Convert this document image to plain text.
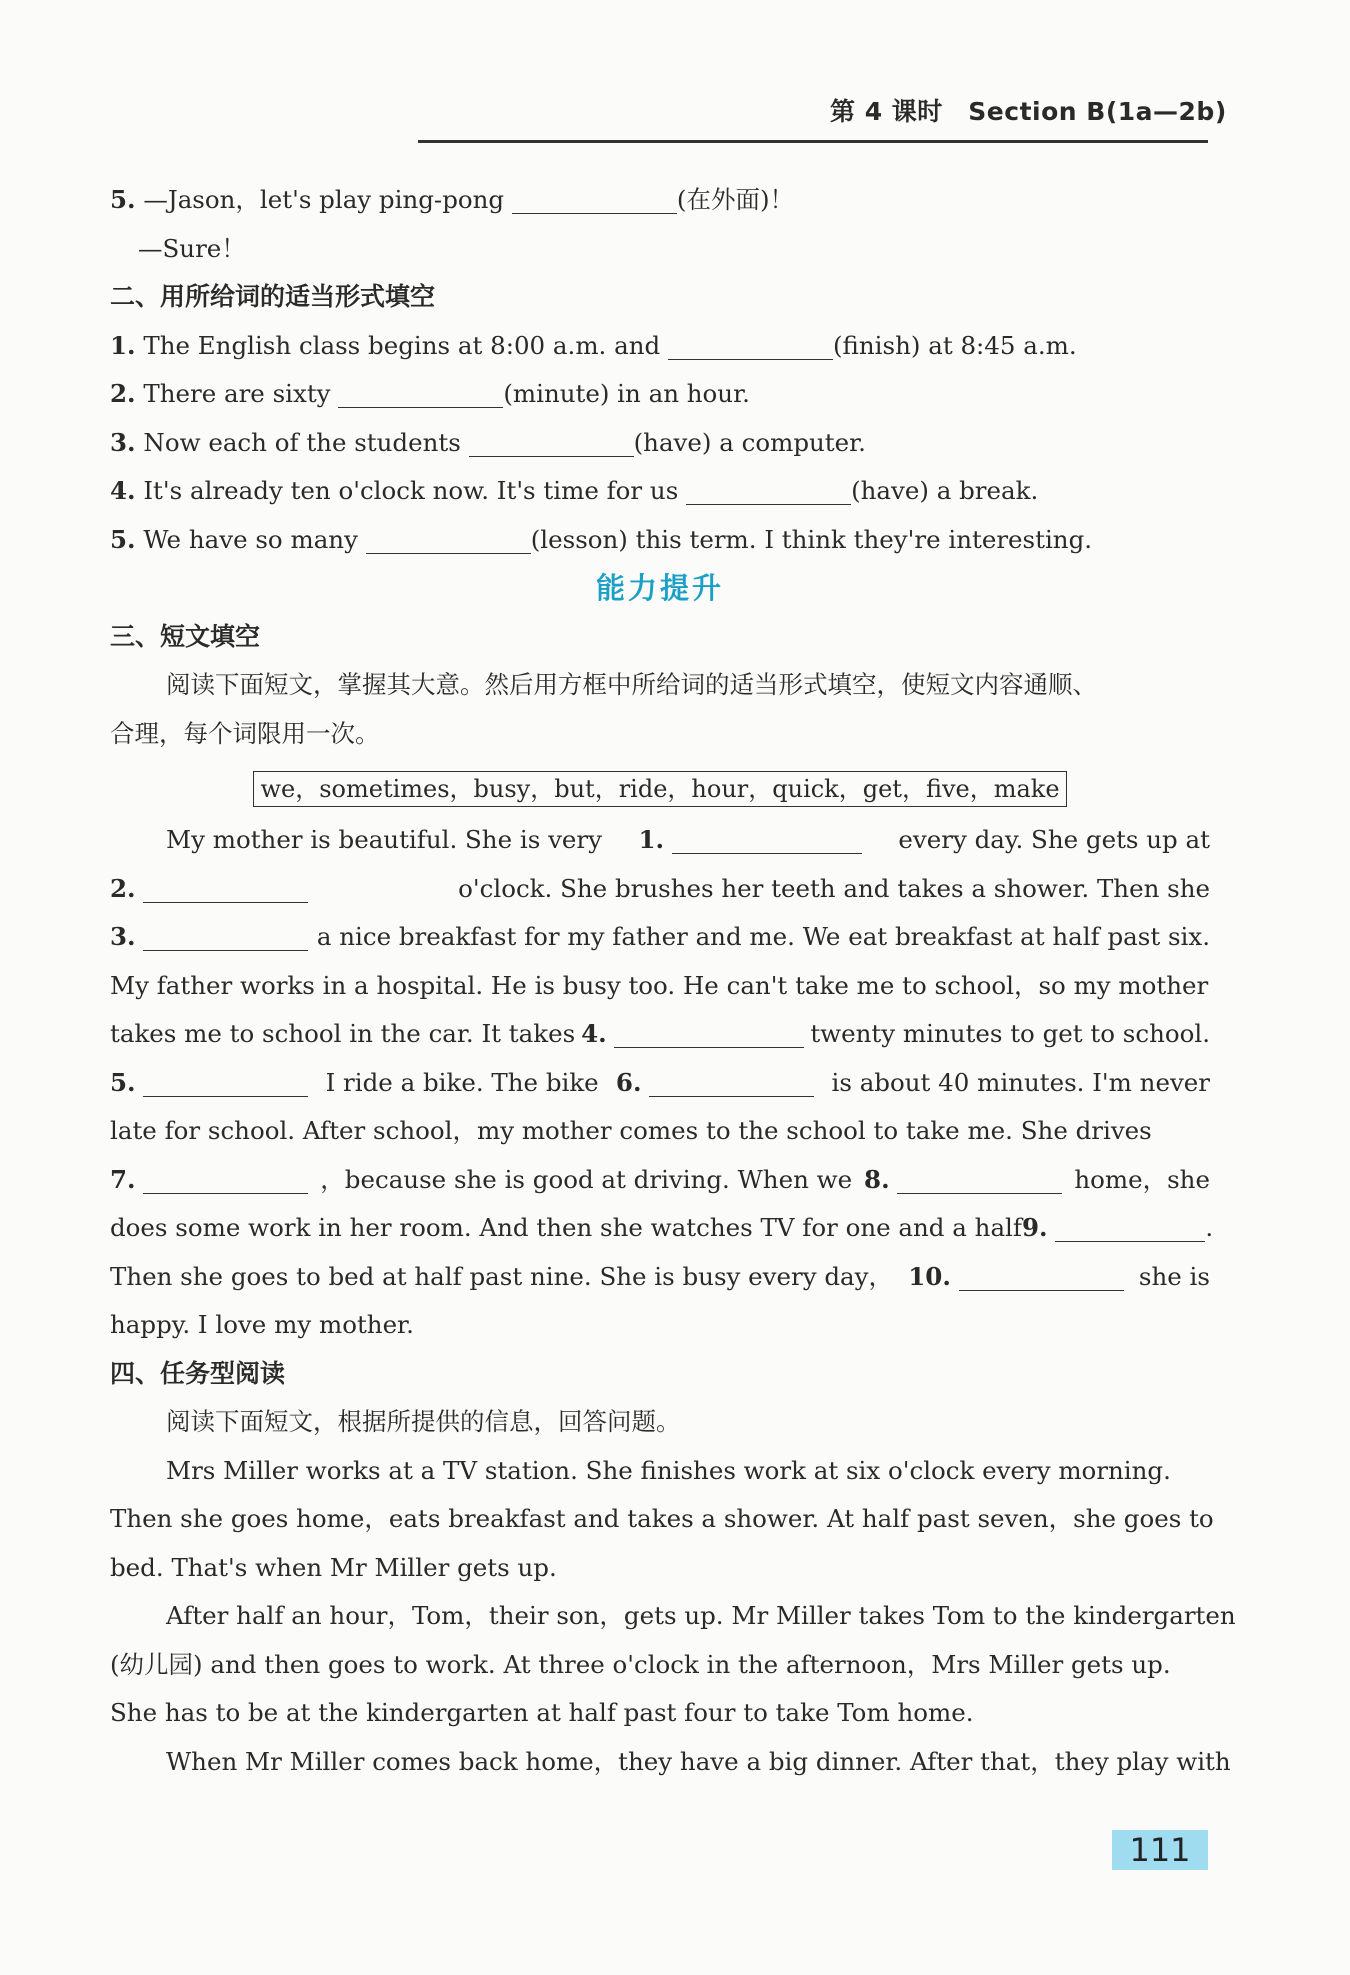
第 4 课时　Section B(1a—2b)
5. —Jason，let's play ping-pong	(在外面)！
—Sure！
二、用所给词的适当形式填空
1. The English class begins at 8:00 a.m. and	(finish) at 8:45 a.m.
2. There are sixty	(minute) in an hour.
3. Now each of the students	(have) a computer.
4. It's already ten o'clock now. It's time for us	(have) a break.
5. We have so many	(lesson) this term. I think they're interesting.
能力提升
三、短文填空
阅读下面短文，掌握其大意。然后用方框中所给词的适当形式填空，使短文内容通顺、
合理，每个词限用一次。
we，sometimes，busy，but，ride，hour，quick，get，five，make
My mother is beautiful. She is very 1.	every day. She gets up at
2.	o'clock. She brushes her teeth and takes a shower. Then she
3.	a nice breakfast for my father and me. We eat breakfast at half past six.
My father works in a hospital. He is busy too. He can't take me to school，so my mother
takes me to school in the car. It takes 4.	twenty minutes to get to school.
5.	I ride a bike. The bike 6.	is about 40 minutes. I'm never
late for school. After school，my mother comes to the school to take me. She drives
7.	，because she is good at driving. When we 8.	home，she
does some work in her room. And then she watches TV for one and a half 9.	.
Then she goes to bed at half past nine. She is busy every day， 10.	she is
happy. I love my mother.
四、任务型阅读
阅读下面短文，根据所提供的信息，回答问题。
Mrs Miller works at a TV station. She finishes work at six o'clock every morning.
Then she goes home，eats breakfast and takes a shower. At half past seven，she goes to
bed. That's when Mr Miller gets up.
After half an hour，Tom，their son，gets up. Mr Miller takes Tom to the kindergarten
(幼儿园) and then goes to work. At three o'clock in the afternoon，Mrs Miller gets up.
She has to be at the kindergarten at half past four to take Tom home.
When Mr Miller comes back home，they have a big dinner. After that，they play with
111
